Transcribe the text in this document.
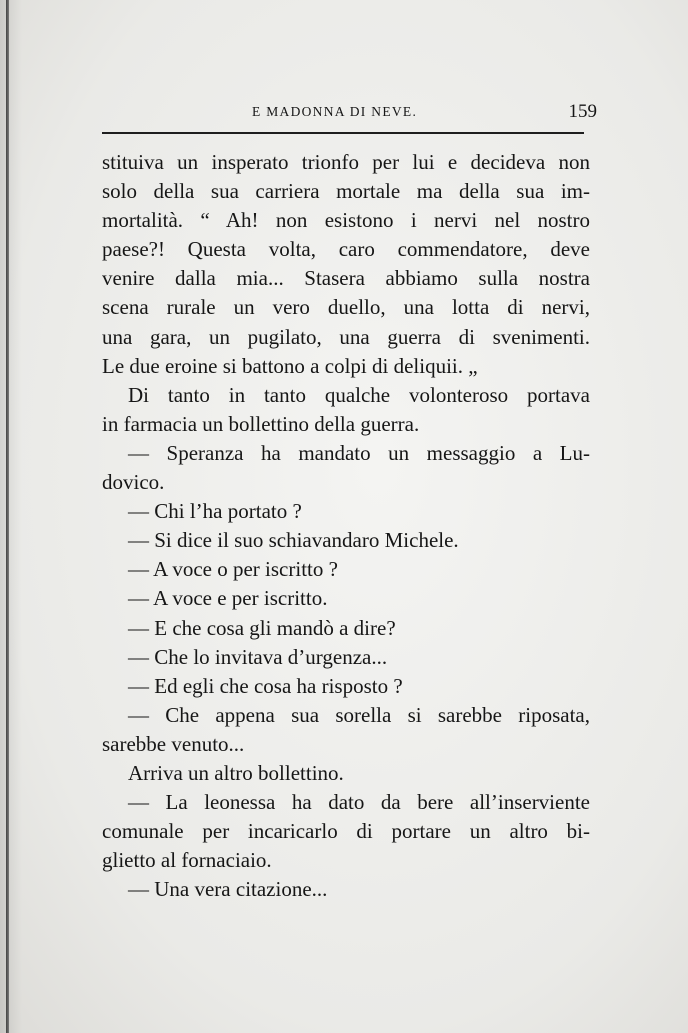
E MADONNA DI NEVE.	159
stituiva un insperato trionfo per lui e decideva non
solo della sua carriera mortale ma della sua im-
mortalità. “ Ah! non esistono i nervi nel nostro
paese?! Questa volta, caro commendatore, deve
venire dalla mia... Stasera abbiamo sulla nostra
scena rurale un vero duello, una lotta di nervi,
una gara, un pugilato, una guerra di svenimenti.
Le due eroine si battono a colpi di deliquii. „
Di tanto in tanto qualche volonteroso portava
in farmacia un bollettino della guerra.
— Speranza ha mandato un messaggio a Lu-
dovico.
— Chi l’ha portato ?
— Si dice il suo schiavandaro Michele.
— A voce o per iscritto ?
— A voce e per iscritto.
— E che cosa gli mandò a dire?
— Che lo invitava d’urgenza...
— Ed egli che cosa ha risposto ?
— Che appena sua sorella si sarebbe riposata,
sarebbe venuto...
Arriva un altro bollettino.
— La leonessa ha dato da bere all’inserviente
comunale per incaricarlo di portare un altro bi-
glietto al fornaciaio.
— Una vera citazione...
